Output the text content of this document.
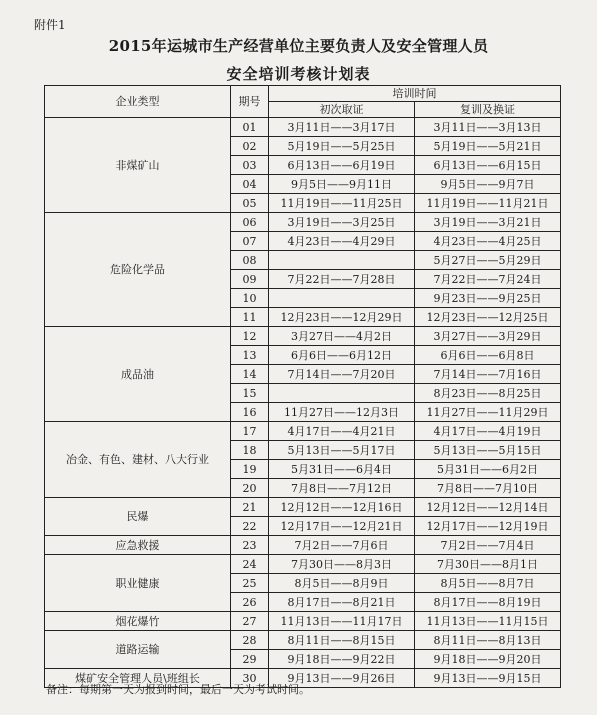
附件1
2015年运城市生产经营单位主要负责人及安全管理人员
安全培训考核计划表
企业类型	期号	培训时间	
		初次取证	复训及换证
非煤矿山	01	3月11日——3月17日	3月11日——3月13日
	02	5月19日——5月25日	5月19日——5月21日
	03	6月13日——6月19日	6月13日——6月15日
	04	9月5日——9月11日	9月5日——9月7日
	05	11月19日——11月25日	11月19日——11月21日
危险化学品	06	3月19日——3月25日	3月19日——3月21日
	07	4月23日——4月29日	4月23日——4月25日
	08		5月27日——5月29日
	09	7月22日——7月28日	7月22日——7月24日
	10		9月23日——9月25日
	11	12月23日——12月29日	12月23日——12月25日
成品油	12	3月27日——4月2日	3月27日——3月29日
	13	6月6日——6月12日	6月6日——6月8日
	14	7月14日——7月20日	7月14日——7月16日
	15		8月23日——8月25日
	16	11月27日——12月3日	11月27日——11月29日
冶金、有色、建材、八大行业	17	4月17日——4月21日	4月17日——4月19日
	18	5月13日——5月17日	5月13日——5月15日
	19	5月31日——6月4日	5月31日——6月2日
	20	7月8日——7月12日	7月8日——7月10日
民爆	21	12月12日——12月16日	12月12日——12月14日
	22	12月17日——12月21日	12月17日——12月19日
应急救援	23	7月2日——7月6日	7月2日——7月4日
职业健康	24	7月30日——8月3日	7月30日——8月1日
	25	8月5日——8月9日	8月5日——8月7日
	26	8月17日——8月21日	8月17日——8月19日
烟花爆竹	27	11月13日——11月17日	11月13日——11月15日
道路运输	28	8月11日——8月15日	8月11日——8月13日
	29	9月18日——9月22日	9月18日——9月20日
煤矿安全管理人员\班组长	30	9月13日——9月26日	9月13日——9月15日
备注：每期第一天为报到时间，最后一天为考试时间。
